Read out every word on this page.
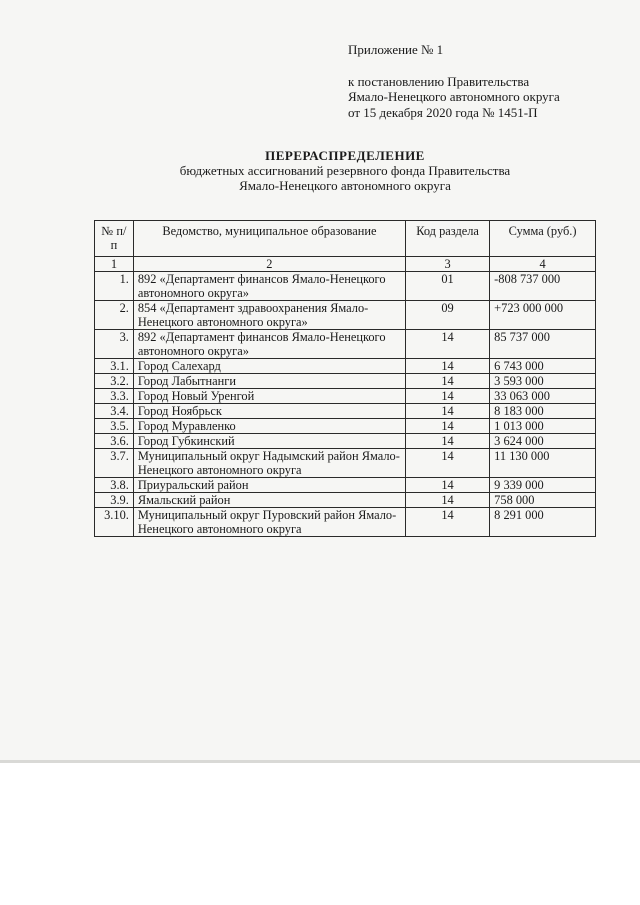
Приложение № 1
к постановлению Правительства
Ямало-Ненецкого автономного округа
от 15 декабря 2020 года № 1451-П
ПЕРЕРАСПРЕДЕЛЕНИЕ
бюджетных ассигнований резервного фонда Правительства
Ямало-Ненецкого автономного округа
№ п/п	Ведомство, муниципальное образование	Код раздела	Сумма (руб.)
1	2	3	4
1.	892 «Департамент финансов Ямало-Ненецкого автономного округа»	01	-808 737 000
2.	854 «Департамент здравоохранения Ямало-Ненецкого автономного округа»	09	+723 000 000
3.	892 «Департамент финансов Ямало-Ненецкого автономного округа»	14	85 737 000
3.1.	Город Салехард	14	6 743 000
3.2.	Город Лабытнанги	14	3 593 000
3.3.	Город Новый Уренгой	14	33 063 000
3.4.	Город Ноябрьск	14	8 183 000
3.5.	Город Муравленко	14	1 013 000
3.6.	Город Губкинский	14	3 624 000
3.7.	Муниципальный округ Надымский район Ямало-Ненецкого автономного округа	14	11 130 000
3.8.	Приуральский район	14	9 339 000
3.9.	Ямальский район	14	758 000
3.10.	Муниципальный округ Пуровский район Ямало-Ненецкого автономного округа	14	8 291 000
